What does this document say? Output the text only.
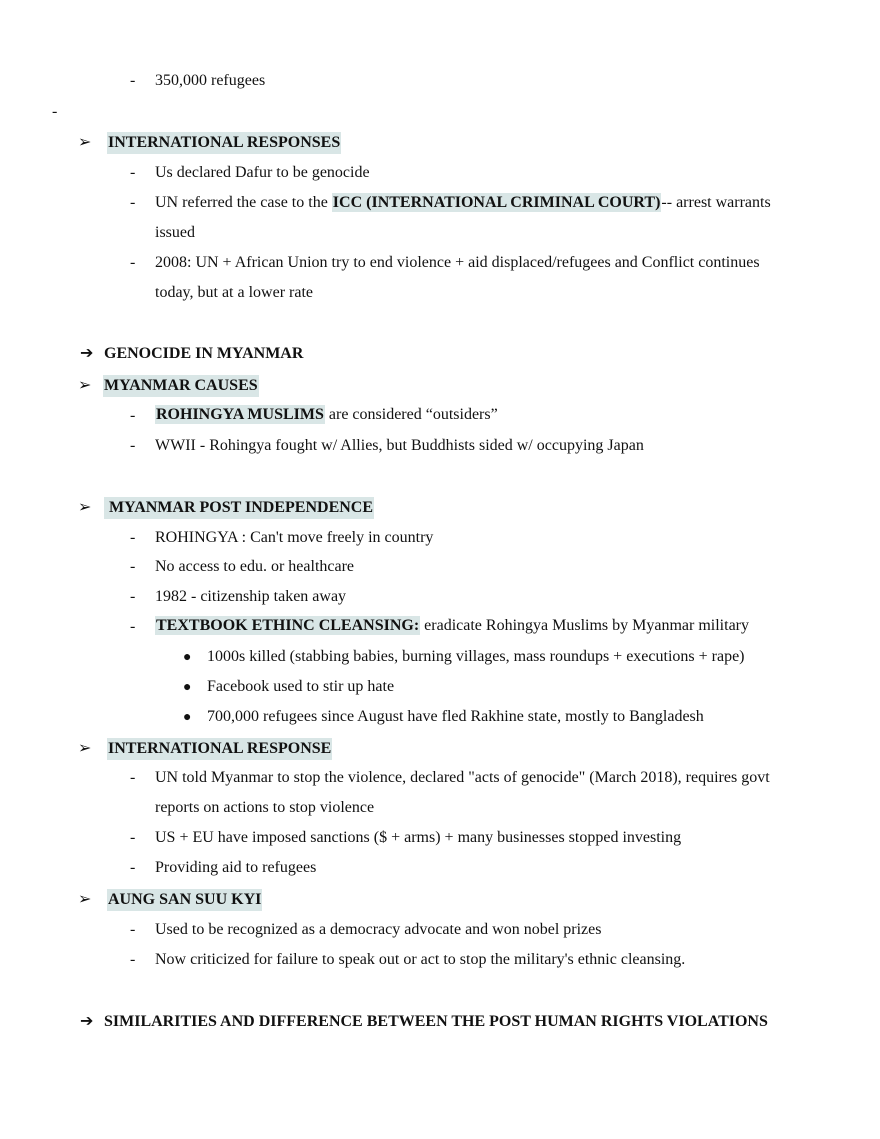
- 350,000 refugees
-
➢ INTERNATIONAL RESPONSES
- Us declared Dafur to be genocide
- UN referred the case to the ICC (INTERNATIONAL CRIMINAL COURT)-- arrest warrants
issued
- 2008: UN + African Union try to end violence + aid displaced/refugees and Conflict continues
today, but at a lower rate
➔ GENOCIDE IN MYANMAR
➢ MYANMAR CAUSES
- ROHINGYA MUSLIMS are considered “outsiders”
- WWII - Rohingya fought w/ Allies, but Buddhists sided w/ occupying Japan
➢	MYANMAR POST INDEPENDENCE
- ROHINGYA : Can't move freely in country
- No access to edu. or healthcare
- 1982 - citizenship taken away
- TEXTBOOK ETHINC CLEANSING: eradicate Rohingya Muslims by Myanmar military
● 1000s killed (stabbing babies, burning villages, mass roundups + executions + rape)
● Facebook used to stir up hate
● 700,000 refugees since August have fled Rakhine state, mostly to Bangladesh
➢ INTERNATIONAL RESPONSE
- UN told Myanmar to stop the violence, declared "acts of genocide" (March 2018), requires govt
reports on actions to stop violence
- US + EU have imposed sanctions ($ + arms) + many businesses stopped investing
- Providing aid to refugees
➢ AUNG SAN SUU KYI
- Used to be recognized as a democracy advocate and won nobel prizes
- Now criticized for failure to speak out or act to stop the military's ethnic cleansing.
➔ SIMILARITIES AND DIFFERENCE BETWEEN THE POST HUMAN RIGHTS VIOLATIONS
